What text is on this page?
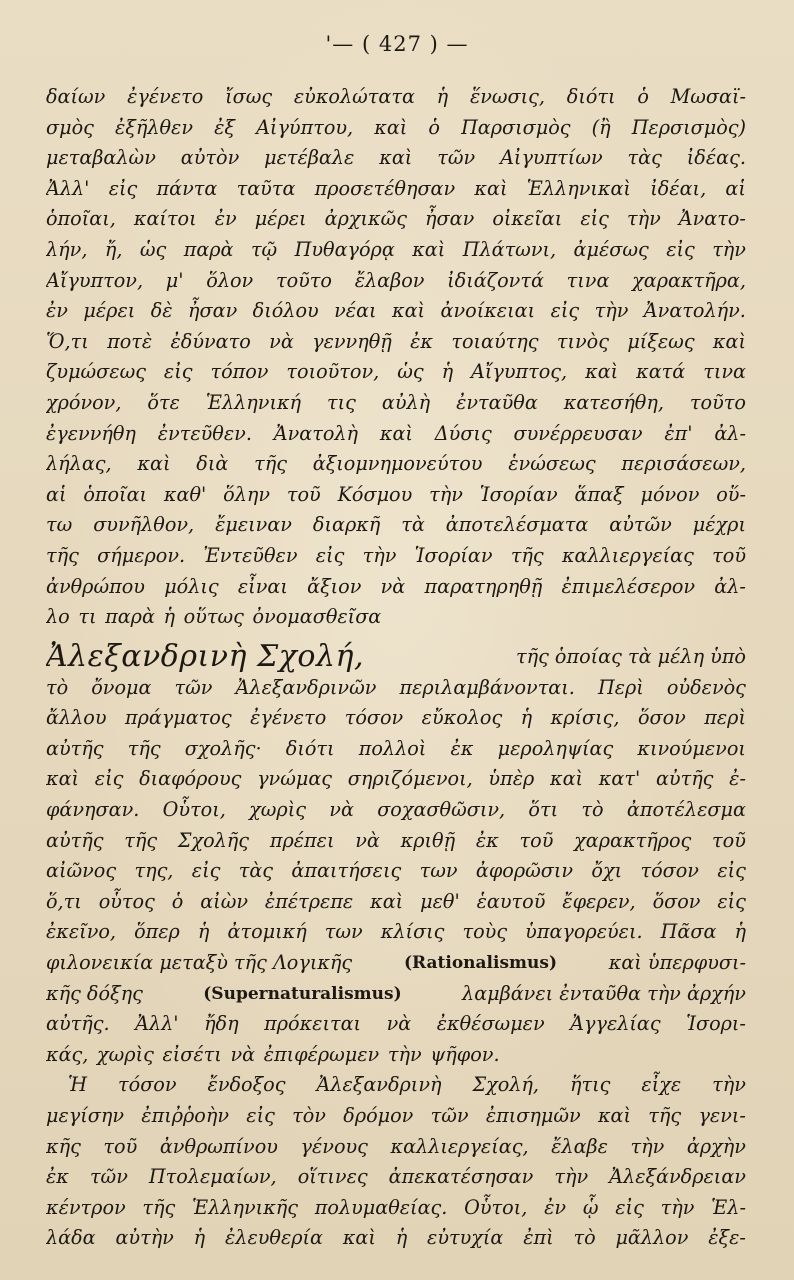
'— ( 427 ) —
δαίων ἐγένετο ἴσως εὐκολώτατα ἡ ἕνωσις, διότι ὁ Μωσαϊ-
σμὸς ἐξῆλθεν ἐξ Αἰγύπτου, καὶ ὁ Παρσισμὸς (ἢ Περσισμὸς)
μεταβαλὼν αὐτὸν μετέβαλε καὶ τῶν Αἰγυπτίων τὰς ἰδέας.
Ἀλλ' εἰς πάντα ταῦτα προσετέθησαν καὶ Ἑλληνικαὶ ἰδέαι, αἱ
ὁποῖαι, καίτοι ἐν μέρει ἀρχικῶς ἦσαν οἰκεῖαι εἰς τὴν Ἀνατο-
λήν, ἤ, ὡς παρὰ τῷ Πυθαγόρᾳ καὶ Πλάτωνι, ἀμέσως εἰς τὴν
Αἴγυπτον, μ' ὅλον τοῦτο ἔλαβον ἰδιάζοντά τινα χαρακτῆρα,
ἐν μέρει δὲ ἦσαν διόλου νέαι καὶ ἀνοίκειαι εἰς τὴν Ἀνατολήν.
Ὅ,τι ποτὲ ἐδύνατο νὰ γεννηθῇ ἐκ τοιαύτης τινὸς μίξεως καὶ
ζυμώσεως εἰς τόπον τοιοῦτον, ὡς ἡ Αἴγυπτος, καὶ κατά τινα
χρόνον, ὅτε Ἑλληνική τις αὐλὴ ἐνταῦθα κατεσήθη, τοῦτο
ἐγεννήθη ἐντεῦθεν. Ἀνατολὴ καὶ Δύσις συνέρρευσαν ἐπ' ἀλ-
λήλας, καὶ διὰ τῆς ἀξιομνημονεύτου ἑνώσεως περισάσεων,
αἱ ὁποῖαι καθ' ὅλην τοῦ Κόσμου τὴν Ἱσορίαν ἅπαξ μόνον οὕ-
τω συνῆλθον, ἔμειναν διαρκῆ τὰ ἀποτελέσματα αὐτῶν μέχρι
τῆς σήμερον. Ἐντεῦθεν εἰς τὴν Ἱσορίαν τῆς καλλιεργείας τοῦ
ἀνθρώπου μόλις εἶναι ἄξιον νὰ παρατηρηθῇ ἐπιμελέσερον ἀλ-
λο τι παρὰ ἡ οὕτως ὀνομασθεῖσα
Ἀλεξανδρινὴ Σχολή,	τῆς ὁποίας τὰ μέλη ὑπὸ
τὸ ὄνομα τῶν Ἀλεξανδρινῶν περιλαμβάνονται. Περὶ οὐδενὸς
ἄλλου πράγματος ἐγένετο τόσον εὔκολος ἡ κρίσις, ὅσον περὶ
αὐτῆς τῆς σχολῆς· διότι πολλοὶ ἐκ μεροληψίας κινούμενοι
καὶ εἰς διαφόρους γνώμας σηριζόμενοι, ὑπὲρ καὶ κατ' αὐτῆς ἐ-
φάνησαν. Οὗτοι, χωρὶς νὰ σοχασθῶσιν, ὅτι τὸ ἀποτέλεσμα
αὐτῆς τῆς Σχολῆς πρέπει νὰ κριθῇ ἐκ τοῦ χαρακτῆρος τοῦ
αἰῶνος της, εἰς τὰς ἀπαιτήσεις των ἀφορῶσιν ὄχι τόσον εἰς
ὅ,τι οὗτος ὁ αἰὼν ἐπέτρεπε καὶ μεθ' ἑαυτοῦ ἔφερεν, ὅσον εἰς
ἐκεῖνο, ὅπερ ἡ ἀτομική των κλίσις τοὺς ὑπαγορεύει. Πᾶσα ἡ
φιλονεικία μεταξὺ τῆς Λογικῆς	(Rationalismus)	καὶ ὑπερφυσι-
κῆς δόξης	(Supernaturalismus)	λαμβάνει ἐνταῦθα τὴν ἀρχήν
αὐτῆς. Ἀλλ' ἤδη πρόκειται νὰ ἐκθέσωμεν Ἀγγελίας Ἱσορι-
κάς, χωρὶς εἰσέτι νὰ ἐπιφέρωμεν τὴν ψῆφον.
Ἡ τόσον ἔνδοξος Ἀλεξανδρινὴ Σχολή, ἥτις εἶχε τὴν
μεγίσην ἐπιῤῥοὴν εἰς τὸν δρόμον τῶν ἐπισημῶν καὶ τῆς γενι-
κῆς τοῦ ἀνθρωπίνου γένους καλλιεργείας, ἔλαβε τὴν ἀρχὴν
ἐκ τῶν Πτολεμαίων, οἵτινες ἀπεκατέσησαν τὴν Ἀλεξάνδρειαν
κέντρον τῆς Ἑλληνικῆς πολυμαθείας. Οὗτοι, ἐν ᾧ εἰς τὴν Ἑλ-
λάδα αὐτὴν ἡ ἐλευθερία καὶ ἡ εὐτυχία ἐπὶ τὸ μᾶλλον ἐξε-
